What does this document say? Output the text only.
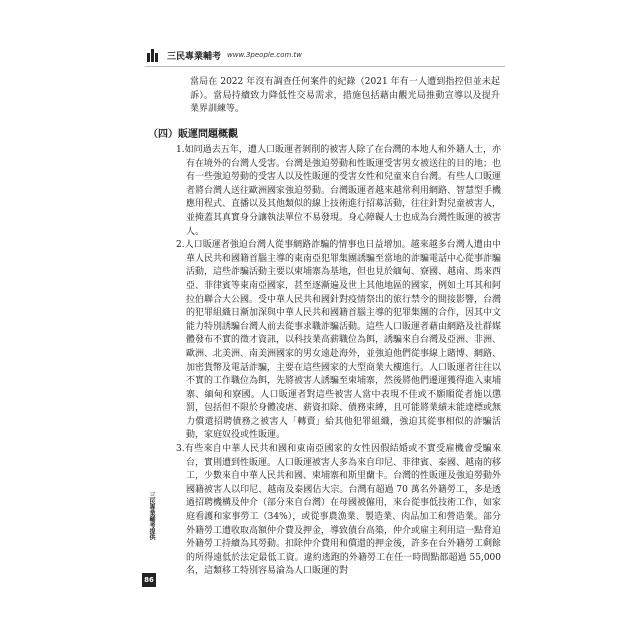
三民專業輔考 www.3people.com.tw
當局在 2022 年沒有調查任何案件的紀錄（2021 年有一人遭到指控但並未起訴）。當局持續致力降低性交易需求，措施包括藉由觀光局推動宣導以及提升業界訓練等。
（四）販運問題概觀
1.如同過去五年，遭人口販運者剝削的被害人除了在台灣的本地人和外籍人士，亦有在境外的台灣人受害。台灣是強迫勞動和性販運受害男女被送往的目的地；也有一些強迫勞動的受害人以及性販運的受害女性和兒童來自台灣。有些人口販運者將台灣人送往歐洲國家強迫勞動。台灣販運者越來越常利用網路、智慧型手機應用程式、直播以及其他類似的線上技術進行招募活動，往往針對兒童被害人，並掩蓋其真實身分讓執法單位不易發現。身心障礙人士也成為台灣性販運的被害人。
2.人口販運者強迫台灣人從事網路詐騙的情事也日益增加。越來越多台灣人遭由中華人民共和國籍首腦主導的東南亞犯罪集團誘騙至當地的詐騙電話中心從事詐騙活動，這些詐騙活動主要以柬埔寨為基地，但也見於緬甸、寮國、越南、馬來西亞、菲律賓等東南亞國家，甚至逐漸遍及世上其他地區的國家，例如土耳其和阿拉伯聯合大公國。受中華人民共和國針對疫情祭出的旅行禁令的間接影響，台灣的犯罪組織日漸加深與中華人民共和國籍首腦主導的犯罪集團的合作，因其中文能力特別誘騙台灣人前去從事求職詐騙活動。這些人口販運者藉由網路及社群媒體發布不實的徵才資訊，以科技業高薪職位為餌，誘騙來自台灣及亞洲、非洲、歐洲、北美洲、南美洲國家的男女遠赴海外，並強迫他們從事線上賭博、網路、加密貨幣及電話詐騙，主要在這些國家的大型商業大樓進行。人口販運者往往以不實的工作職位為餌，先將被害人誘騙至柬埔寨，然後將他們遷運獲得進入東埔寨、緬甸和寮國。人口販運者對這些被害人當中表現不佳或不願順從者施以懲罰，包括但不限於身體凌虐、薪資扣除、債務束縛，且可能將業績未能達標或無力償還招聘債務之被害人「轉賣」給其他犯罪組織，強迫其從事相似的詐騙活動，家庭奴役或性販運。
3.有些來自中華人民共和國和東南亞國家的女性因假結婚或不實受雇機會受騙來台，實則遭到性販運。人口販運被害人多為來自印尼、菲律賓、泰國、越南的移工，少數來自中華人民共和國、柬埔寨和斯里蘭卡。台灣的性販運及強迫勞動外國籍被害人以印尼、越南及泰國佔大宗。台灣有超過 70 萬名外籍勞工，多是透過招聘機構及仲介（部分來自台灣）在母國被僱用，來台從事低技術工作，如家庭看護和家事勞工（34%），或從事農漁業、製造業、肉品加工和營造業。部分外籍勞工遭收取高額仲介費及押金，導致債台高築，仲介或雇主利用這一點脅迫外籍勞工持續為其勞動。扣除仲介費用和償還的押金後，許多在台外籍勞工剩餘的所得遠低於法定最低工資。違約逃跑的外籍勞工在任一時間點都超過 55,000 名，這類移工特別容易淪為人口販運的對
三民專業輔考提供
86
